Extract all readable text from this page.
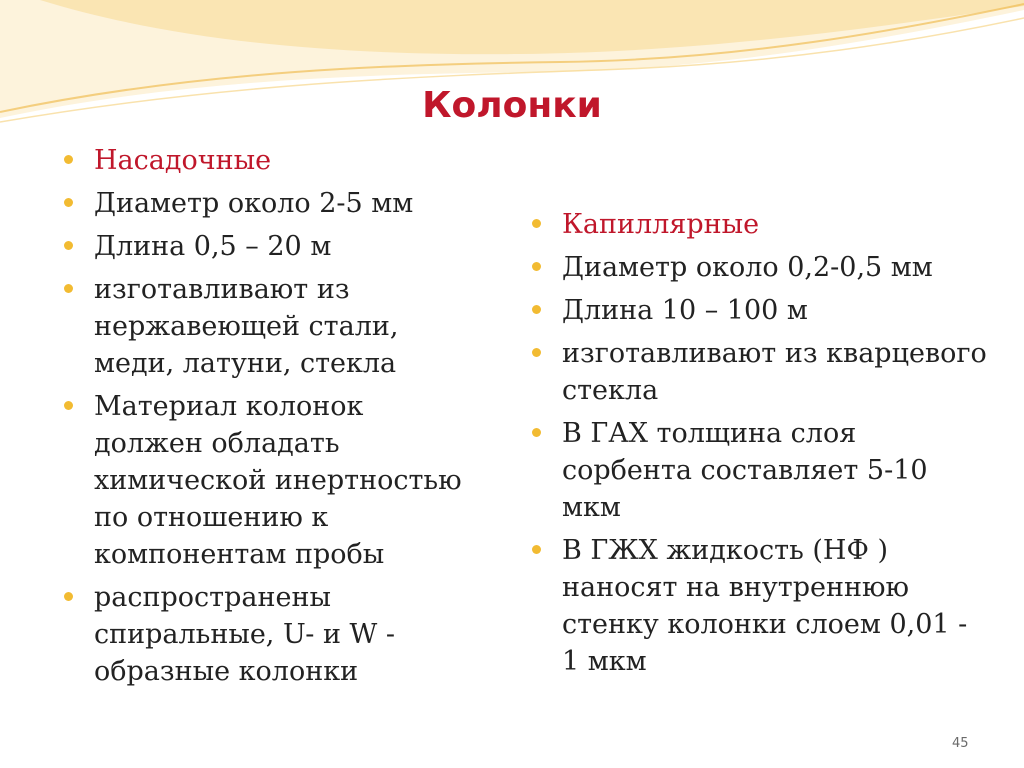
Колонки
Насадочные
Диаметр около 2-5 мм
Длина 0,5 – 20 м
изготавливают из нержавеющей стали, меди, латуни, стекла
Материал колонок должен обладать химической инертностью по отношению к компонентам пробы
распространены спиральные, U- и W - образные колонки
Капиллярные
Диаметр около 0,2-0,5 мм
Длина 10 – 100 м
изготавливают из кварцевого стекла
В ГАХ толщина слоя сорбента составляет 5-10 мкм
В ГЖХ жидкость (НФ ) наносят на внутреннюю стенку колонки слоем 0,01 - 1 мкм
45
